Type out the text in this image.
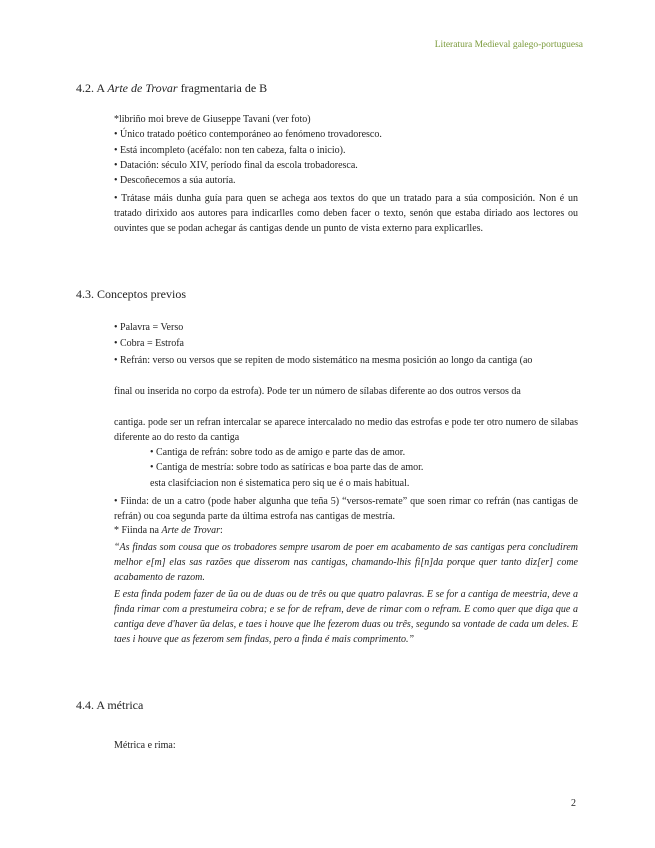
Literatura Medieval galego-portuguesa
4.2. A Arte de Trovar fragmentaria de B
*libriño moi breve de Giuseppe Tavani (ver foto)
• Único tratado poético contemporáneo ao fenómeno trovadoresco.
• Está incompleto (acéfalo: non ten cabeza, falta o inicio).
• Datación: século XIV, período final da escola trobadoresca.
• Descoñecemos a súa autoría.

• Trátase máis dunha guía para quen se achega aos textos do que un tratado para a súa composición. Non é un tratado dirixido aos autores para indicarlles como deben facer o texto, senón que estaba diriado aos lectores ou ouvintes que se podan achegar ás cantigas dende un punto de vista externo para explicarlles.

4.3. Conceptos previos
• Palavra = Verso
• Cobra = Estrofa

• Refrán: verso ou versos que se repiten de modo sistemático na mesma posición ao longo da cantiga (ao

final ou inserida no corpo da estrofa). Pode ter un número de sílabas diferente ao dos outros versos da

cantiga. pode ser un refran intercalar se aparece intercalado no medio das estrofas e pode ter otro numero de silabas diferente ao do resto da cantiga

• Cantiga de refrán: sobre todo as de amigo e parte das de amor.
• Cantiga de mestría: sobre todo as satíricas e boa parte das de amor.
esta clasifciacion non é sistematica pero siq ue é o mais habitual.

• Fiinda: de un a catro (pode haber algunha que teña 5) “versos-remate” que soen rimar co refrán (nas cantigas de refrán) ou coa segunda parte da última estrofa nas cantigas de mestría.

* Fiinda na Arte de Trovar:

“As findas som cousa que os trobadores sempre usarom de poer em acabamento de sas cantigas pera concludirem melhor e[m] elas sas razões que disserom nas cantigas, chamando-lhis fi[n]da porque quer tanto diz[er] come acabamento de razom.

E esta finda podem fazer de ũa ou de duas ou de três ou que quatro palavras. E se for a cantiga de meestria, deve a finda rimar com a prestumeira cobra; e se for de refram, deve de rimar com o refram. E como quer que diga que a cantiga deve d'haver ũa delas, e taes i houve que lhe fezerom duas ou três, segundo sa vontade de cada um deles. E taes i houve que as fezerom sem findas, pero a finda é mais comprimento.”

4.4. A métrica
Métrica e rima:
2
